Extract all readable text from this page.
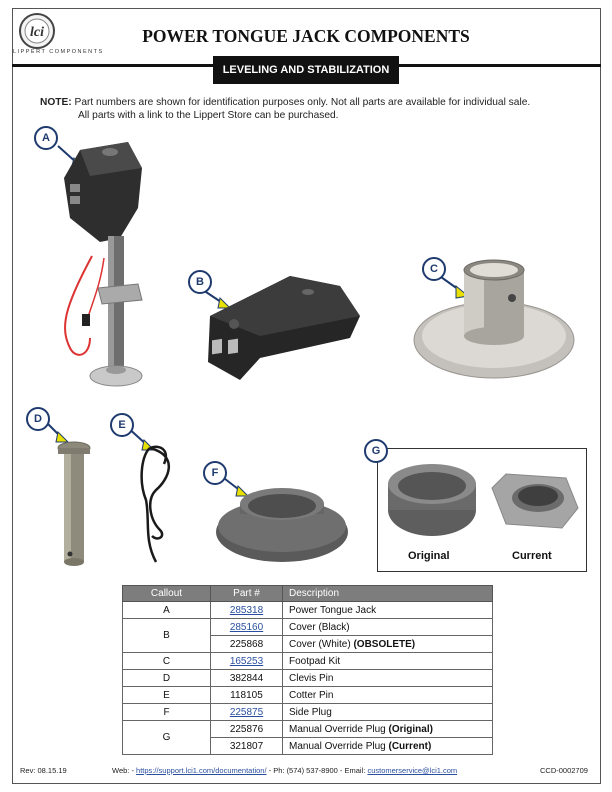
lci
LIPPERT COMPONENTS
POWER TONGUE JACK COMPONENTS
LEVELING AND STABILIZATION
NOTE: Part numbers are shown for identification purposes only. Not all parts are available for individual sale.
All parts with a link to the Lippert Store can be purchased.
A
B
C
D	E
F
G
Original	Current
Callout	Part #	Description
A	285318	Power Tongue Jack
B	285160	Cover (Black)
	225868	Cover (White) (OBSOLETE)
C	165253	Footpad Kit
D	382844	Clevis Pin
E	118105	Cotter Pin
F	225875	Side Plug
G	225876	Manual Override Plug (Original)
	321807	Manual Override Plug (Current)
Rev: 08.15.19	Web: - https://support.lci1.com/documentation/ - Ph: (574) 537-8900 - Email: customerservice@lci1.com	CCD-0002709
